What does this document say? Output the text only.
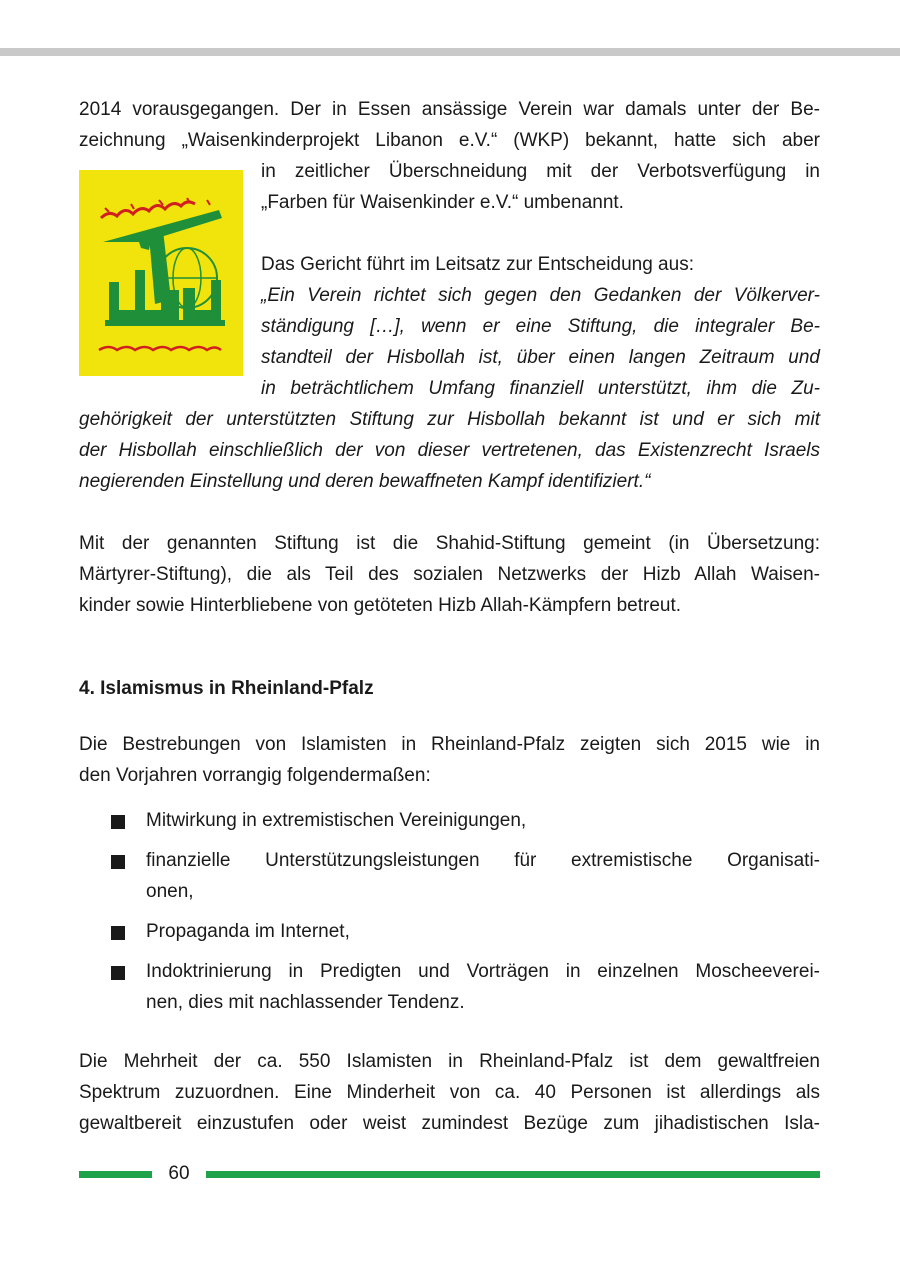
2014 vorausgegangen. Der in Essen ansässige Verein war damals unter der Be-
zeichnung „Waisenkinderprojekt Libanon e.V.“ (WKP) bekannt, hatte sich aber
in zeitlicher Überschneidung mit der Verbotsverfügung in
„Farben für Waisenkinder e.V.“ umbenannt.
Das Gericht führt im Leitsatz zur Entscheidung aus:
„Ein Verein richtet sich gegen den Gedanken der Völkerver-
ständigung […], wenn er eine Stiftung, die integraler Be-
standteil der Hisbollah ist, über einen langen Zeitraum und
in beträchtlichem Umfang finanziell unterstützt, ihm die Zu-
gehörigkeit der unterstützten Stiftung zur Hisbollah bekannt ist und er sich mit
der Hisbollah einschließlich der von dieser vertretenen, das Existenzrecht Israels
negierenden Einstellung und deren bewaffneten Kampf identifiziert.“
Mit der genannten Stiftung ist die Shahid-Stiftung gemeint (in Übersetzung:
Märtyrer-Stiftung), die als Teil des sozialen Netzwerks der Hizb Allah Waisen-
kinder sowie Hinterbliebene von getöteten Hizb Allah-Kämpfern betreut.
4. Islamismus in Rheinland-Pfalz
Die Bestrebungen von Islamisten in Rheinland-Pfalz zeigten sich 2015 wie in
den Vorjahren vorrangig folgendermaßen:
Mitwirkung in extremistischen Vereinigungen,
finanzielle Unterstützungsleistungen für extremistische Organisati-
onen,
Propaganda im Internet,
Indoktrinierung in Predigten und Vorträgen in einzelnen Moscheeverei-
nen, dies mit nachlassender Tendenz.
Die Mehrheit der ca. 550 Islamisten in Rheinland-Pfalz ist dem gewaltfreien
Spektrum zuzuordnen. Eine Minderheit von ca. 40 Personen ist allerdings als
gewaltbereit einzustufen oder weist zumindest Bezüge zum jihadistischen Isla-
60
